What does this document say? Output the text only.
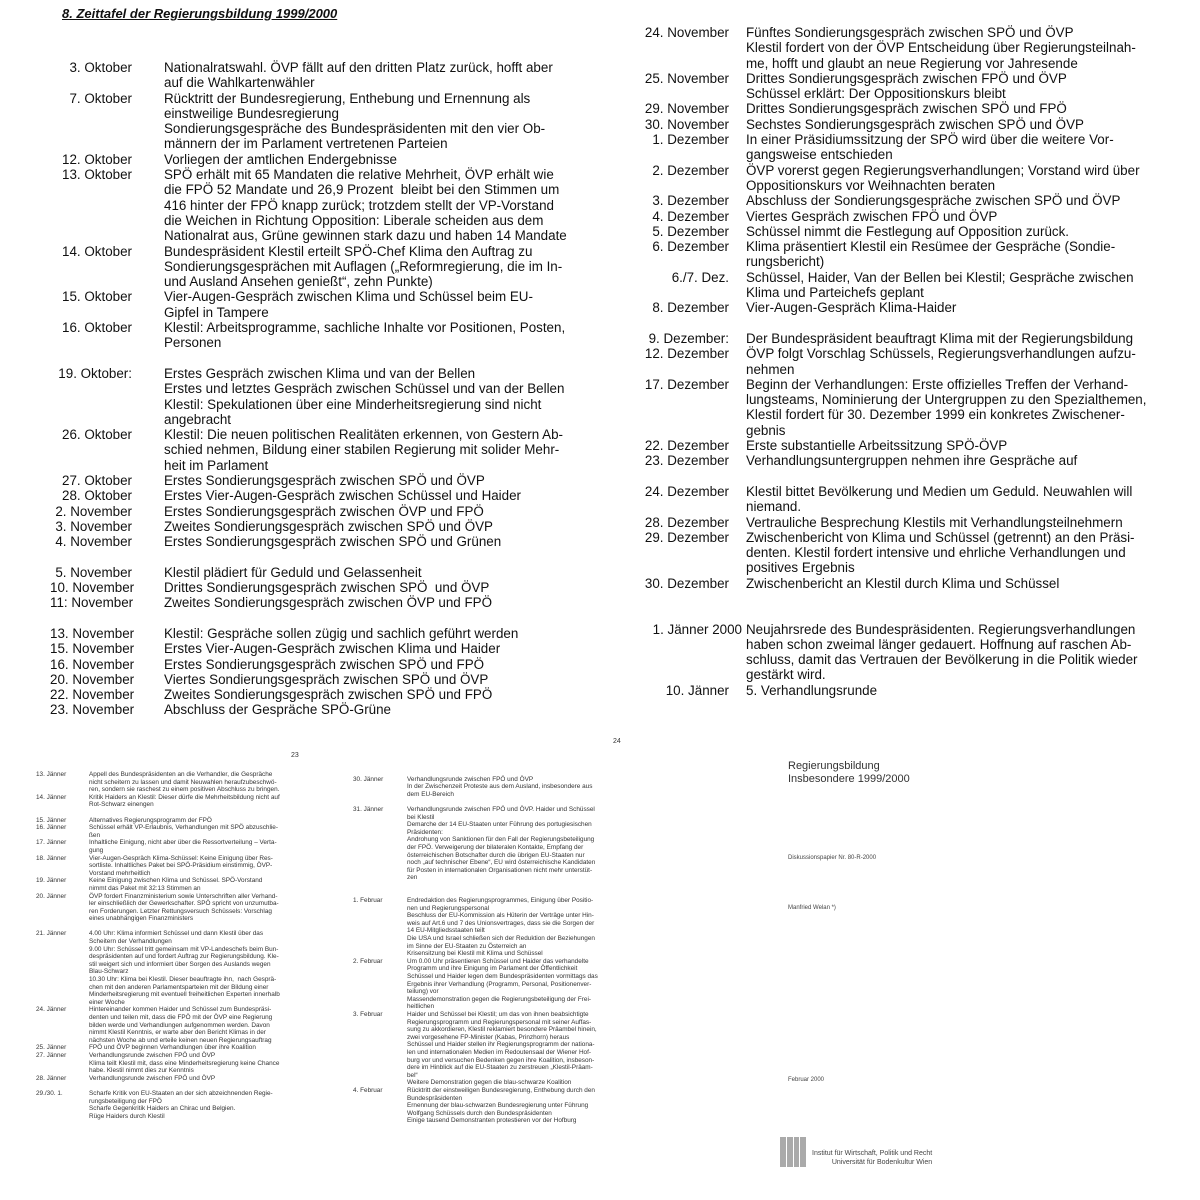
8. Zeittafel der Regierungsbildung 1999/2000
3. Oktober Nationalratswahl. ÖVP fällt auf den dritten Platz zurück, hofft aber
auf die Wahlkartenwähler
7. Oktober Rücktritt der Bundesregierung, Enthebung und Ernennung als
einstweilige Bundesregierung
Sondierungsgespräche des Bundespräsidenten mit den vier Ob-
männern der im Parlament vertretenen Parteien
12. Oktober Vorliegen der amtlichen Endergebnisse
13. Oktober SPÖ erhält mit 65 Mandaten die relative Mehrheit, ÖVP erhält wie
die FPÖ 52 Mandate und 26,9 Prozent  bleibt bei den Stimmen um
416 hinter der FPÖ knapp zurück; trotzdem stellt der VP-Vorstand
die Weichen in Richtung Opposition: Liberale scheiden aus dem
Nationalrat aus, Grüne gewinnen stark dazu und haben 14 Mandate
14. Oktober Bundespräsident Klestil erteilt SPÖ-Chef Klima den Auftrag zu
Sondierungsgesprächen mit Auflagen („Reformregierung, die im In-
und Ausland Ansehen genießt“, zehn Punkte)
15. Oktober Vier-Augen-Gespräch zwischen Klima und Schüssel beim EU-
Gipfel in Tampere
16. Oktober Klestil: Arbeitsprogramme, sachliche Inhalte vor Positionen, Posten,
Personen
19. Oktober: Erstes Gespräch zwischen Klima und van der Bellen
Erstes und letztes Gespräch zwischen Schüssel und van der Bellen
Klestil: Spekulationen über eine Minderheitsregierung sind nicht
angebracht
26. Oktober Klestil: Die neuen politischen Realitäten erkennen, von Gestern Ab-
schied nehmen, Bildung einer stabilen Regierung mit solider Mehr-
heit im Parlament
27. Oktober Erstes Sondierungsgespräch zwischen SPÖ und ÖVP
28. Oktober Erstes Vier-Augen-Gespräch zwischen Schüssel und Haider
2. November Erstes Sondierungsgespräch zwischen ÖVP und FPÖ
3. November Zweites Sondierungsgespräch zwischen SPÖ und ÖVP
4. November Erstes Sondierungsgespräch zwischen SPÖ und Grünen
5. November Klestil plädiert für Geduld und Gelassenheit
10. November Drittes Sondierungsgespräch zwischen SPÖ  und ÖVP
11: November Zweites Sondierungsgespräch zwischen ÖVP und FPÖ
13. November Klestil: Gespräche sollen zügig und sachlich geführt werden
15. November Erstes Vier-Augen-Gespräch zwischen Klima und Haider
16. November Erstes Sondierungsgespräch zwischen SPÖ und FPÖ
20. November Viertes Sondierungsgespräch zwischen SPÖ und ÖVP
22. November Zweites Sondierungsgespräch zwischen SPÖ und FPÖ
23. November Abschluss der Gespräche SPÖ-Grüne
24. November Fünftes Sondierungsgespräch zwischen SPÖ und ÖVP
Klestil fordert von der ÖVP Entscheidung über Regierungsteilnah-
me, hofft und glaubt an neue Regierung vor Jahresende
25. November Drittes Sondierungsgespräch zwischen FPÖ und ÖVP
Schüssel erklärt: Der Oppositionskurs bleibt
29. November Drittes Sondierungsgespräch zwischen SPÖ und FPÖ
30. November Sechstes Sondierungsgespräch zwischen SPÖ und ÖVP
1. Dezember In einer Präsidiumssitzung der SPÖ wird über die weitere Vor-
gangsweise entschieden
2. Dezember ÖVP vorerst gegen Regierungsverhandlungen; Vorstand wird über
Oppositionskurs vor Weihnachten beraten
3. Dezember Abschluss der Sondierungsgespräche zwischen SPÖ und ÖVP
4. Dezember Viertes Gespräch zwischen FPÖ und ÖVP
5. Dezember Schüssel nimmt die Festlegung auf Opposition zurück.
6. Dezember Klima präsentiert Klestil ein Resümee der Gespräche (Sondie-
rungsbericht)
6./7. Dez. Schüssel, Haider, Van der Bellen bei Klestil; Gespräche zwischen
Klima und Parteichefs geplant
8. Dezember Vier-Augen-Gespräch Klima-Haider
9. Dezember: Der Bundespräsident beauftragt Klima mit der Regierungsbildung
12. Dezember ÖVP folgt Vorschlag Schüssels, Regierungsverhandlungen aufzu-
nehmen
17. Dezember Beginn der Verhandlungen: Erste offizielles Treffen der Verhand-
lungsteams, Nominierung der Untergruppen zu den Spezialthemen,
Klestil fordert für 30. Dezember 1999 ein konkretes Zwischener-
gebnis
22. Dezember Erste substantielle Arbeitssitzung SPÖ-ÖVP
23. Dezember Verhandlungsuntergruppen nehmen ihre Gespräche auf
24. Dezember Klestil bittet Bevölkerung und Medien um Geduld. Neuwahlen will
niemand.
28. Dezember Vertrauliche Besprechung Klestils mit Verhandlungsteilnehmern
29. Dezember Zwischenbericht von Klima und Schüssel (getrennt) an den Präsi-
denten. Klestil fordert intensive und ehrliche Verhandlungen und
positives Ergebnis
30. Dezember Zwischenbericht an Klestil durch Klima und Schüssel
1. Jänner 2000 Neujahrsrede des Bundespräsidenten. Regierungsverhandlungen
haben schon zweimal länger gedauert. Hoffnung auf raschen Ab-
schluss, damit das Vertrauen der Bevölkerung in die Politik wieder
gestärkt wird.
10. Jänner 5. Verhandlungsrunde
23
13. Jänner	Appell des Bundespräsidenten an die Verhandler, die Gespräche
nicht scheitern zu lassen und damit Neuwahlen heraufzubeschwö-
ren, sondern sie raschest zu einem positiven Abschluss zu bringen.
14. Jänner	Kritik Haiders an Klestil: Dieser dürfe die Mehrheitsbildung nicht auf
Rot-Schwarz einengen
15. Jänner	Alternatives Regierungsprogramm der FPÖ
16. Jänner	Schüssel erhält VP-Erlaubnis, Verhandlungen mit SPÖ abzuschlie-
ßen
17. Jänner	Inhaltliche Einigung, nicht aber über die Ressortverteilung – Verta-
gung
18. Jänner	Vier-Augen-Gespräch Klima-Schüssel: Keine Einigung über Res-
sortliste. Inhaltliches Paket bei SPÖ-Präsidium einstimmig, ÖVP-
Vorstand mehrheitlich
19. Jänner	Keine Einigung zwischen Klima und Schüssel. SPÖ-Vorstand
nimmt das Paket mit 32:13 Stimmen an
20. Jänner	ÖVP fordert Finanzministerium sowie Unterschriften aller Verhand-
ler einschließlich der Gewerkschafter. SPÖ spricht von unzumutba-
ren Forderungen. Letzter Rettungsversuch Schüssels: Vorschlag
eines unabhängigen Finanzministers
21. Jänner	4.00 Uhr: Klima informiert Schüssel und dann Klestil über das
Scheitern der Verhandlungen
9.00 Uhr: Schüssel tritt gemeinsam mit VP-Landeschefs beim Bun-
despräsidenten auf und fordert Auftrag zur Regierungsbildung. Kle-
stil weigert sich und informiert über Sorgen des Auslands wegen
Blau-Schwarz
10.30 Uhr: Klima bei Klestil. Dieser beauftragte ihn,  nach Gesprä-
chen mit den anderen Parlamentsparteien mit der Bildung einer
Minderheitsregierung mit eventuell freiheitlichen Experten innerhalb
einer Woche
24. Jänner	Hintereinander kommen Haider und Schüssel zum Bundespräsi-
denten und teilen mit, dass die FPÖ mit der ÖVP eine Regierung
bilden werde und Verhandlungen aufgenommen werden. Davon
nimmt Klestil Kenntnis, er warte aber den Bericht Klimas in der
nächsten Woche ab und erteile keinen neuen Regierungsauftrag
25. Jänner	FPÖ und ÖVP beginnen Verhandlungen über ihre Koalition
27. Jänner	Verhandlungsrunde zwischen FPÖ und ÖVP
Klima teilt Klestil mit, dass eine Minderheitsregierung keine Chance
habe. Klestil nimmt dies zur Kenntnis
28. Jänner	Verhandlungsrunde zwischen FPÖ und ÖVP
29./30. 1.	Scharfe Kritik von EU-Staaten an der sich abzeichnenden Regie-
rungsbeteiligung der FPÖ
Scharfe Gegenkritik Haiders an Chirac und Belgien.
Rüge Haiders durch Klestil
24
30. Jänner	Verhandlungsrunde zwischen FPÖ und ÖVP
In der Zwischenzeit Proteste aus dem Ausland, insbesondere aus
dem EU-Bereich
31. Jänner	Verhandlungsrunde zwischen FPÖ und ÖVP. Haider und Schüssel
bei Klestil
Demarche der 14 EU-Staaten unter Führung des portugiesischen
Präsidenten:
Androhung von Sanktionen für den Fall der Regierungsbeteiligung
der FPÖ. Verweigerung der bilateralen Kontakte, Empfang der
österreichischen Botschafter durch die übrigen EU-Staaten nur
noch „auf technischer Ebene“, EU wird österreichische Kandidaten
für Posten in internationalen Organisationen nicht mehr unterstüt-
zen
1. Februar	Endredaktion des Regierungsprogrammes, Einigung über Positio-
nen und Regierungspersonal
Beschluss der EU-Kommission als Hüterin der Verträge unter Hin-
weis auf Art.6 und 7 des Unionsvertrages, dass sie die Sorgen der
14 EU-Mitgliedsstaaten teilt
Die USA und Israel schließen sich der Reduktion der Beziehungen
im Sinne der EU-Staaten zu Österreich an
Krisensitzung bei Klestil mit Klima und Schüssel
2. Februar	Um 0.00 Uhr präsentieren Schüssel und Haider das verhandelte
Programm und ihre Einigung im Parlament der Öffentlichkeit
Schüssel und Haider legen dem Bundespräsidenten vormittags das
Ergebnis ihrer Verhandlung (Programm, Personal, Positionenver-
teilung) vor
Massendemonstration gegen die Regierungsbeteiligung der Frei-
heitlichen
3. Februar	Haider und Schüssel bei Klestil; um das von ihnen beabsichtigte
Regierungsprogramm und Regierungspersonal mit seiner Auffas-
sung zu akkordieren, Klestil reklamiert besondere Präambel hinein,
zwei vorgesehene FP-Minister (Kabas, Prinzhorn) heraus
Schüssel und Haider stellen ihr Regierungsprogramm der nationa-
len und internationalen Medien im Redoutensaal der Wiener Hof-
burg vor und versuchen Bedenken gegen ihre Koalition, insbeson-
dere im Hinblick auf die EU-Staaten zu zerstreuen „Klestil-Präam-
bel“
Weitere Demonstration gegen die blau-schwarze Koalition
4. Februar	Rücktritt der einstweiligen Bundesregierung, Enthebung durch den
Bundespräsidenten
Ernennung der blau-schwarzen Bundesregierung unter Führung
Wolfgang Schüssels durch den Bundespräsidenten
Einige tausend Demonstranten protestieren vor der Hofburg
Regierungsbildung
Insbesondere 1999/2000
Diskussionspapier Nr. 80-R-2000
Manfried Welan *)
Februar 2000
Institut für Wirtschaft, Politik und Recht
Universität für Bodenkultur Wien
